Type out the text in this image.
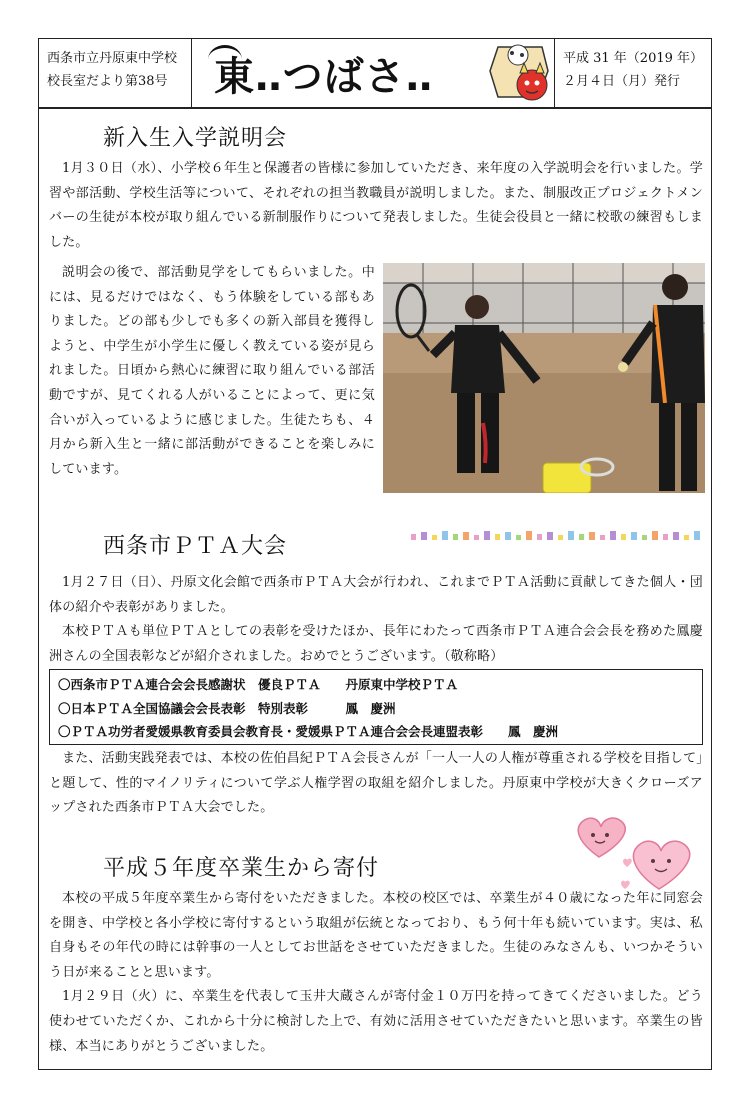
西条市立丹原東中学校
校長室だより第38号	東‥つばさ‥	平成 31 年（2019 年）
２月４日（月）発行
新入生入学説明会

1月３０日（水）、小学校６年生と保護者の皆様に参加していただき、来年度の入学説明会を行いました。学習や部活動、学校生活等について、それぞれの担当教職員が説明しました。また、制服改正プロジェクトメンバーの生徒が本校が取り組んでいる新制服作りについて発表しました。生徒会役員と一緒に校歌の練習もしました。

説明会の後で、部活動見学をしてもらいました。中には、見るだけではなく、もう体験をしている部もありました。どの部も少しでも多くの新入部員を獲得しようと、中学生が小学生に優しく教えている姿が見られました。日頃から熱心に練習に取り組んでいる部活動ですが、見てくれる人がいることによって、更に気合いが入っているように感じました。生徒たちも、４月から新入生と一緒に部活動ができることを楽しみにしています。

西条市ＰＴＡ大会

1月２７日（日）、丹原文化会館で西条市ＰＴＡ大会が行われ、これまでＰＴＡ活動に貢献してきた個人・団体の紹介や表彰がありました。

本校ＰＴＡも単位ＰＴＡとしての表彰を受けたほか、長年にわたって西条市ＰＴＡ連合会会長を務めた鳳慶洲さんの全国表彰などが紹介されました。おめでとうございます。（敬称略）

〇西条市ＰＴＡ連合会会長感謝状　優良ＰＴＡ　　丹原東中学校ＰＴＡ
〇日本ＰＴＡ全国協議会会長表彰　特別表彰　　　鳳　慶洲
〇ＰＴＡ功労者愛媛県教育委員会教育長・愛媛県ＰＴＡ連合会会長連盟表彰　　鳳　慶洲

また、活動実践発表では、本校の佐伯昌紀ＰＴＡ会長さんが「一人一人の人権が尊重される学校を目指して」と題して、性的マイノリティについて学ぶ人権学習の取組を紹介しました。丹原東中学校が大きくクローズアップされた西条市ＰＴＡ大会でした。

平成５年度卒業生から寄付

本校の平成５年度卒業生から寄付をいただきました。本校の校区では、卒業生が４０歳になった年に同窓会を開き、中学校と各小学校に寄付するという取組が伝統となっており、もう何十年も続いています。実は、私自身もその年代の時には幹事の一人としてお世話をさせていただきました。生徒のみなさんも、いつかそういう日が来ることと思います。

1月２９日（火）に、卒業生を代表して玉井大蔵さんが寄付金１０万円を持ってきてくださいました。どう使わせていただくか、これから十分に検討した上で、有効に活用させていただきたいと思います。卒業生の皆様、本当にありがとうございました。
